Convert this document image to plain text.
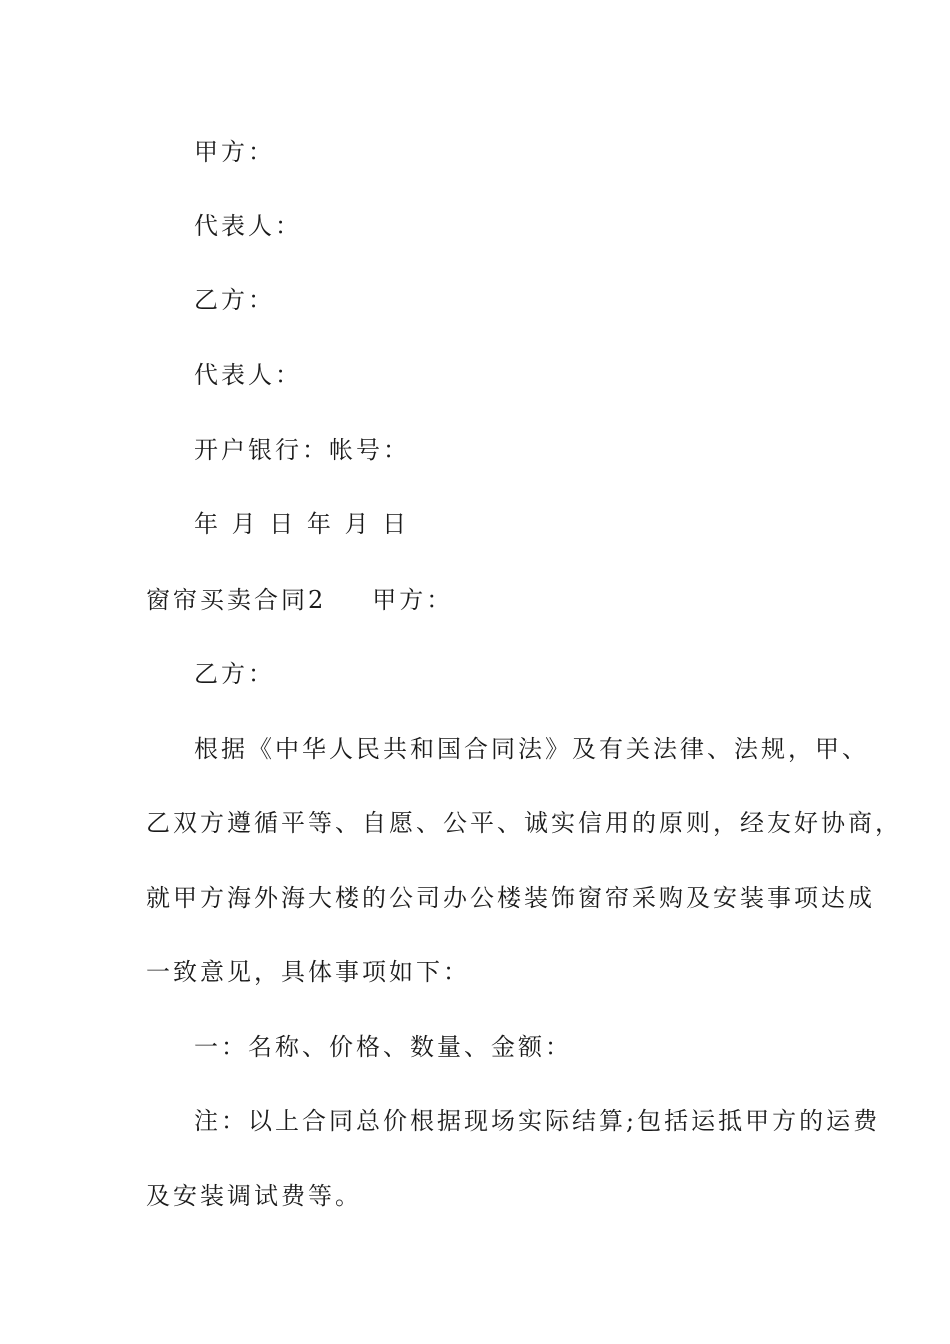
甲方：
代表人：
乙方：
代表人：
开户银行：帐号：
年 月 日 年 月 日
窗帘买卖合同2 甲方：
乙方：
根据《中华人民共和国合同法》及有关法律、法规，甲、
乙双方遵循平等、自愿、公平、诚实信用的原则，经友好协商，
就甲方海外海大楼的公司办公楼装饰窗帘采购及安装事项达成
一致意见，具体事项如下：
一：名称、价格、数量、金额：
注：以上合同总价根据现场实际结算;包括运抵甲方的运费
及安装调试费等。
